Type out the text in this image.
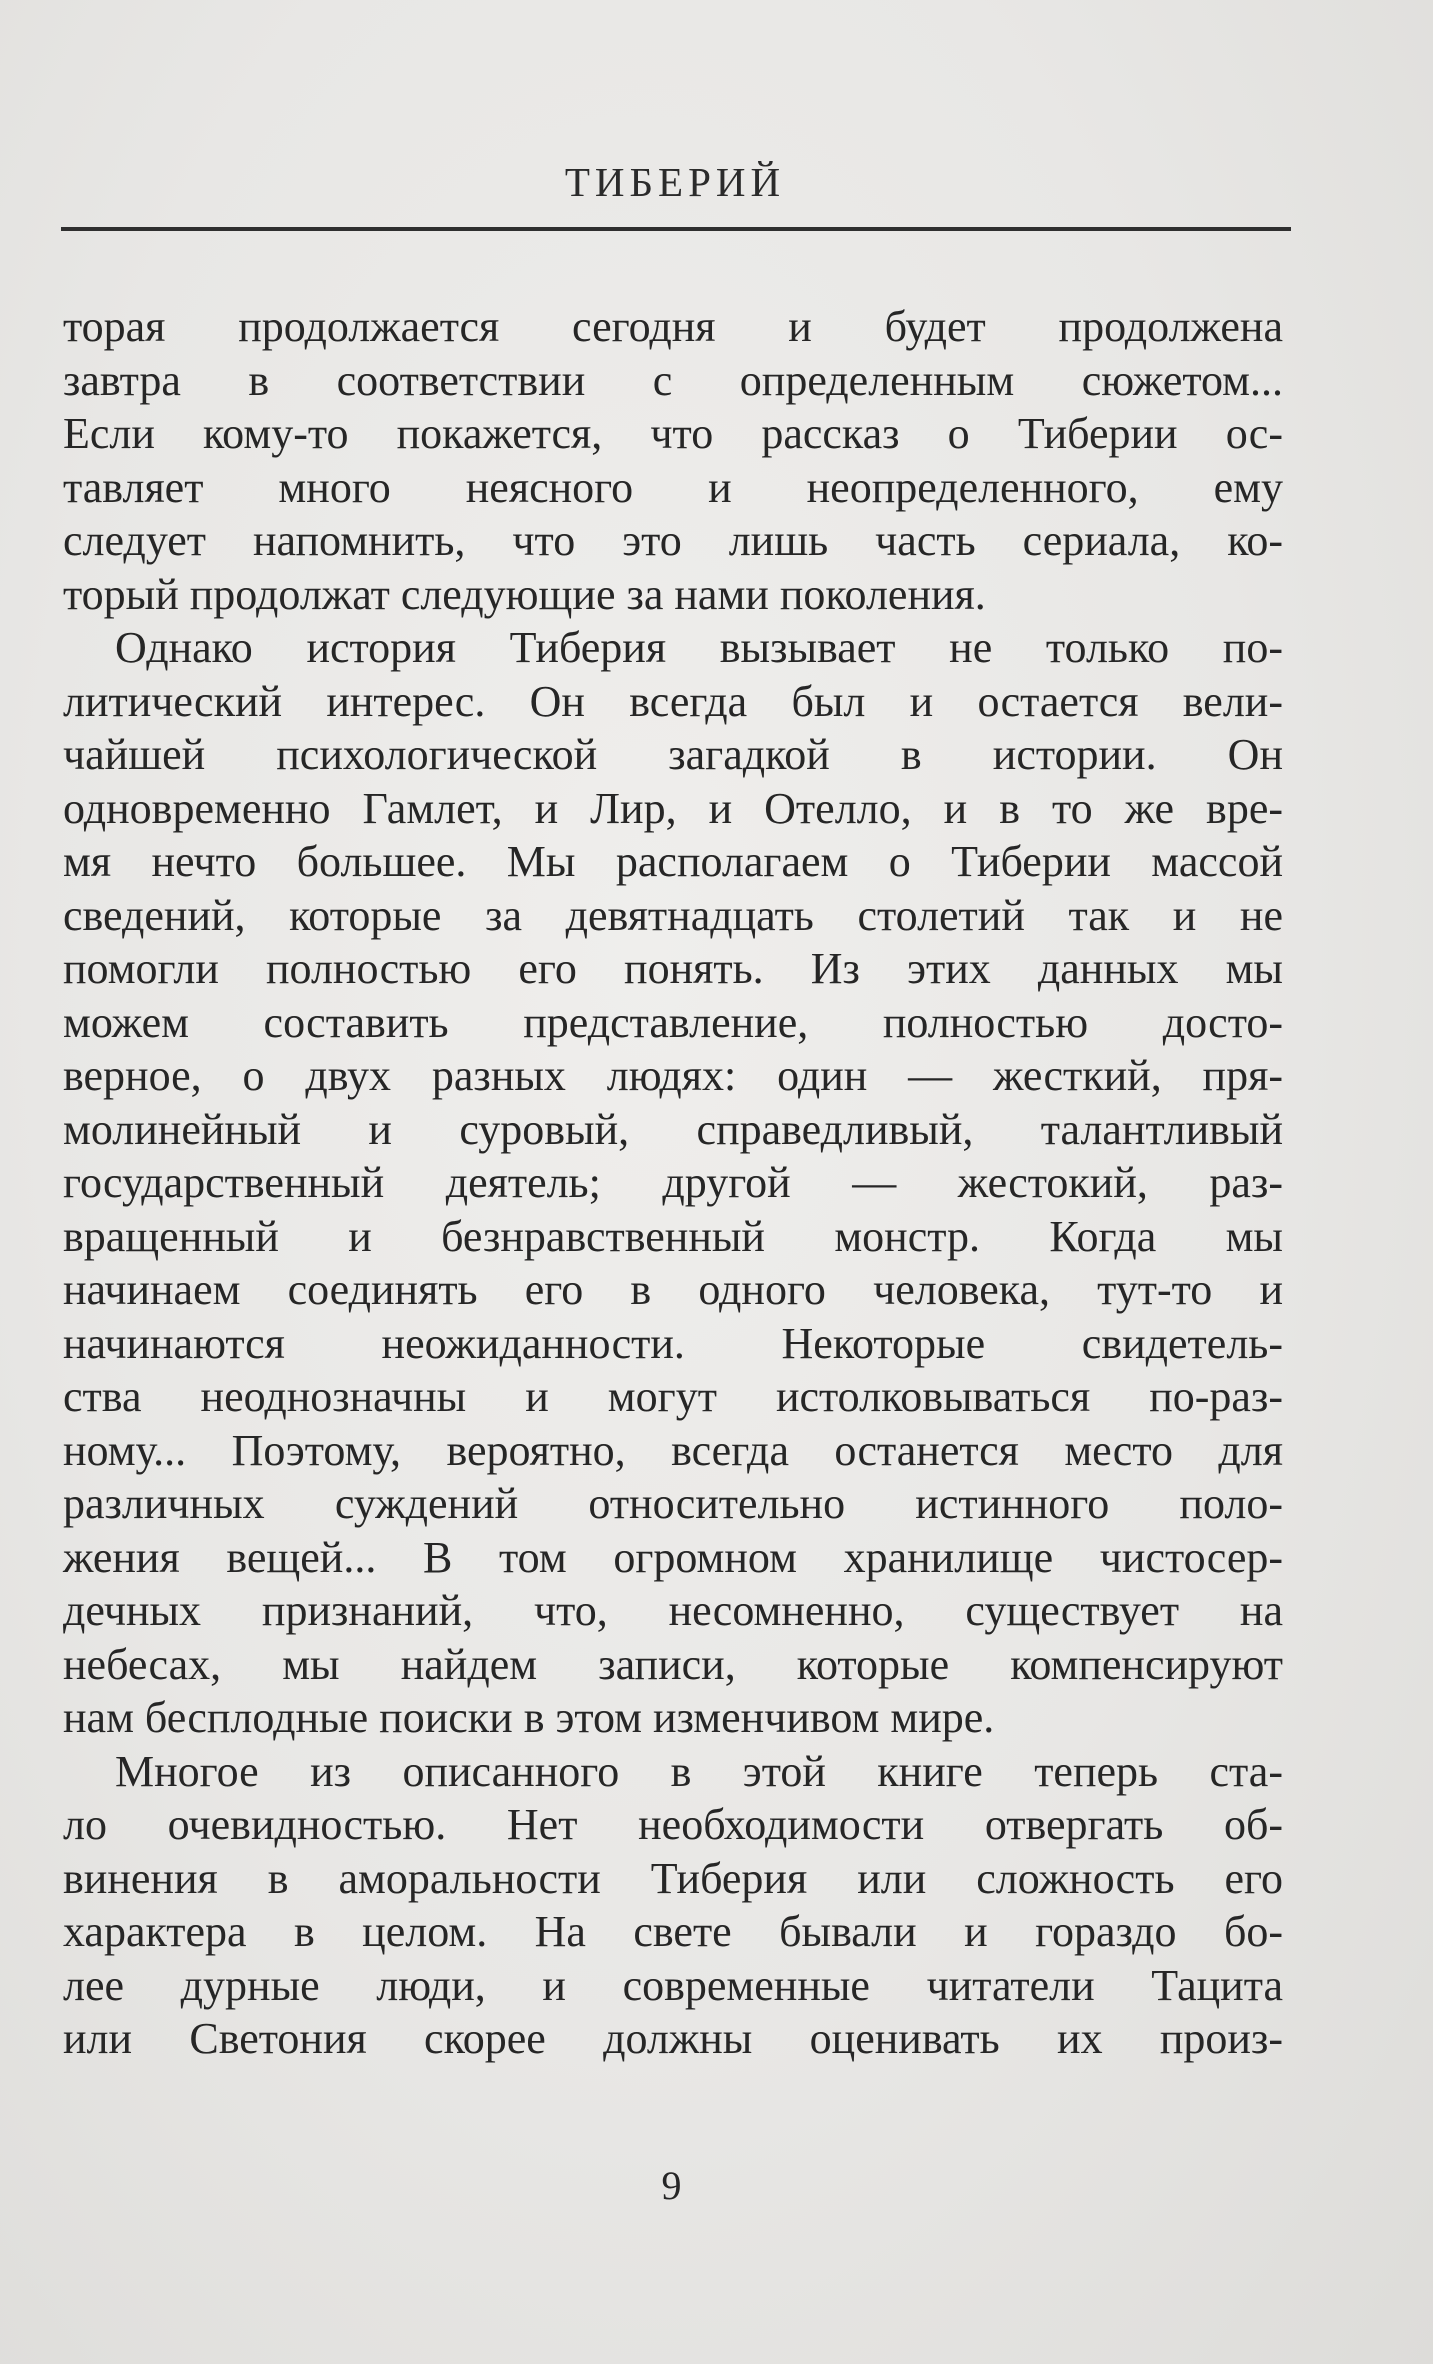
ТИБЕРИЙ
торая продолжается сегодня и будет продолжена
завтра в соответствии с определенным сюжетом...
Если кому-то покажется, что рассказ о Тиберии ос-
тавляет много неясного и неопределенного, ему
следует напомнить, что это лишь часть сериала, ко-
торый продолжат следующие за нами поколения.
Однако история Тиберия вызывает не только по-
литический интерес. Он всегда был и остается вели-
чайшей психологической загадкой в истории. Он
одновременно Гамлет, и Лир, и Отелло, и в то же вре-
мя нечто большее. Мы располагаем о Тиберии массой
сведений, которые за девятнадцать столетий так и не
помогли полностью его понять. Из этих данных мы
можем составить представление, полностью досто-
верное, о двух разных людях: один — жесткий, пря-
молинейный и суровый, справедливый, талантливый
государственный деятель; другой — жестокий, раз-
вращенный и безнравственный монстр. Когда мы
начинаем соединять его в одного человека, тут-то и
начинаются неожиданности. Некоторые свидетель-
ства неоднозначны и могут истолковываться по-раз-
ному... Поэтому, вероятно, всегда останется место для
различных суждений относительно истинного поло-
жения вещей... В том огромном хранилище чистосер-
дечных признаний, что, несомненно, существует на
небесах, мы найдем записи, которые компенсируют
нам бесплодные поиски в этом изменчивом мире.
Многое из описанного в этой книге теперь ста-
ло очевидностью. Нет необходимости отвергать об-
винения в аморальности Тиберия или сложность его
характера в целом. На свете бывали и гораздо бо-
лее дурные люди, и современные читатели Тацита
или Светония скорее должны оценивать их произ-
9
